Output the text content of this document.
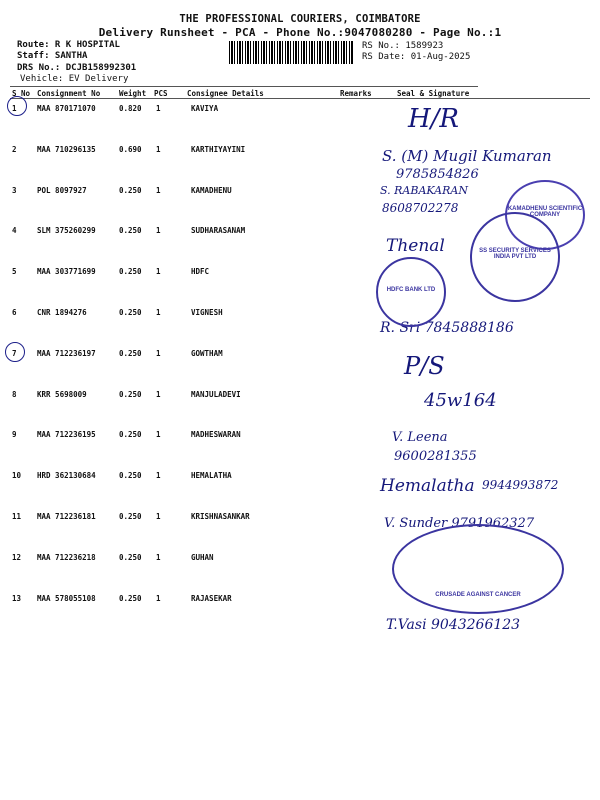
THE PROFESSIONAL COURIERS, COIMBATORE
Delivery Runsheet - PCA - Phone No.:9047080280 - Page No.:1
Route: R K HOSPITAL
Staff: SANTHA
DRS No.: DCJB158992301
Vehicle: EV Delivery
RS No.: 1589923
RS Date: 01-Aug-2025
S No Consignment No	Weight PCS	Consignee Details	Remarks	Seal & Signature
1	MAA 870171070	0.820 1	KAVIYA
2	MAA 710296135	0.690 1	KARTHIYAYINI
3	POL 8097927	0.250 1	KAMADHENU
4	SLM 375260299	0.250 1	SUDHARASANAM
5	MAA 303771699	0.250 1	HDFC
6	CNR 1894276	0.250 1	VIGNESH
7	MAA 712236197	0.250 1	GOWTHAM
8	KRR 5698009	0.250 1	MANJULADEVI
9	MAA 712236195	0.250 1	MADHESWARAN
10 HRD 362130684	0.250 1	HEMALATHA
11 MAA 712236181	0.250 1	KRISHNASANKAR
12 MAA 712236218	0.250 1	GUHAN
13 MAA 578055108	0.250 1	RAJASEKAR
H/R
S. (M) Mugil Kumaran
9785854826
S. RABAKARAN
8608702278
Thenal
R. Sri 7845888186
P/S
45w164
V. Leena
9600281355
Hemalatha 9944993872
V. Sunder 9791962327
T.Vasi 9043266123
KAMADHENU SCIENTIFIC COMPANY
SS SECURITY SERVICES INDIA PVT LTD
HDFC BANK LTD
CRUSADE AGAINST CANCER
